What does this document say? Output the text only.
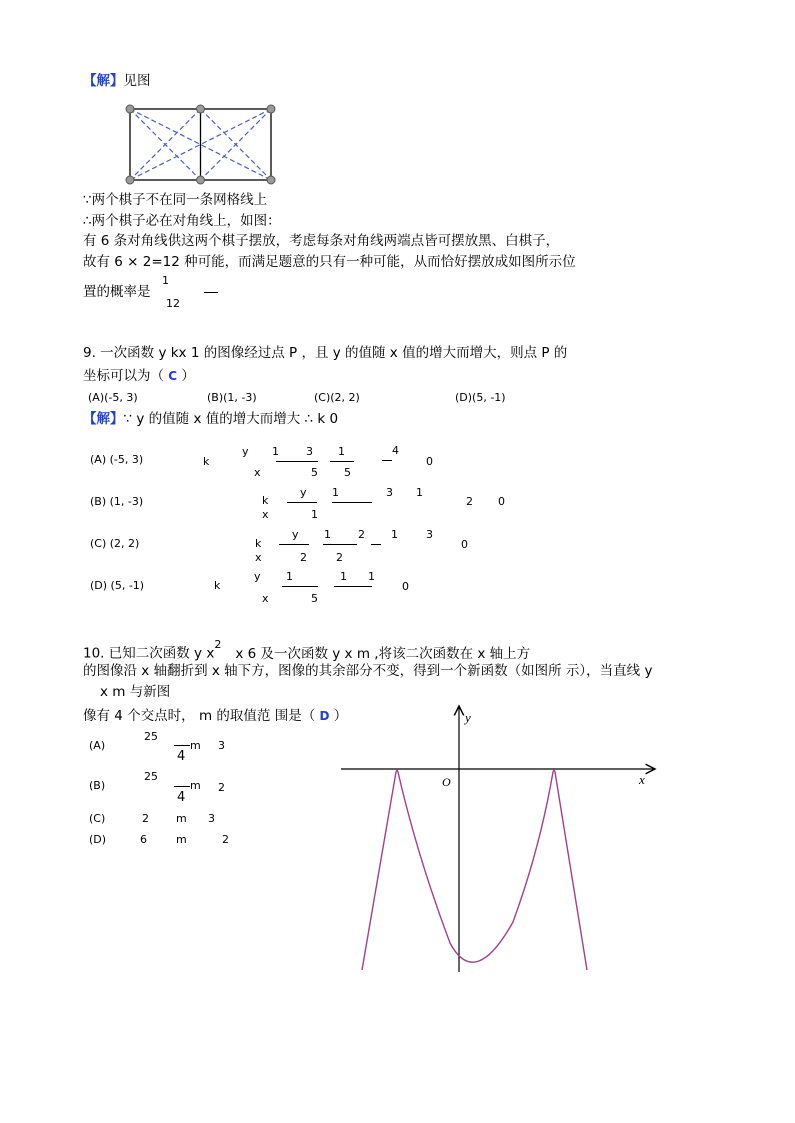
【解】见图
∵两个棋子不在同一条网格线上
∴两个棋子必在对角线上，如图：
有 6 条对角线供这两个棋子摆放，考虑每条对角线两端点皆可摆放黑、白棋子，
故有 6 × 2=12 种可能，而满足题意的只有一种可能，从而恰好摆放成如图所示位
置的概率是
1
12
9. 一次函数 y kx 1 的图像经过点 P ，且 y 的值随 x 值的增大而增大，则点 P 的
坐标可以为（ C ）
(A)(-5, 3)	(B)(1, -3)	(C)(2, 2)	(D)(5, -1)
【解】∵ y 的值随 x 值的增大而增大 ∴ k 0
(A) (-5, 3)	k
y
x
1 3 1	4
5 5
0
(B) (1, -3)	k
x
y
1
1	3 1
2 0
(C) (2, 2)	k
x
y
2
1 2
2
1	3
0
(D) (5, -1)	k
y
x
1
5
1 1
0
10. 已知二次函数 y $x^2x$ 6 及一次函数 y x m ,将该二次函数在 x 轴上方
的图像沿 x 轴翻折到 x 轴下方，图像的其余部分不变，得到一个新函数（如图所 示），当直线 y
x m 与新图
像有 4 个交点时， m 的取值范 围是（ D ）
(A)
25
4
m 3
(B)
25
4
m 2
(C)	2 m 3
(D)	6	m	2
x
y
O
